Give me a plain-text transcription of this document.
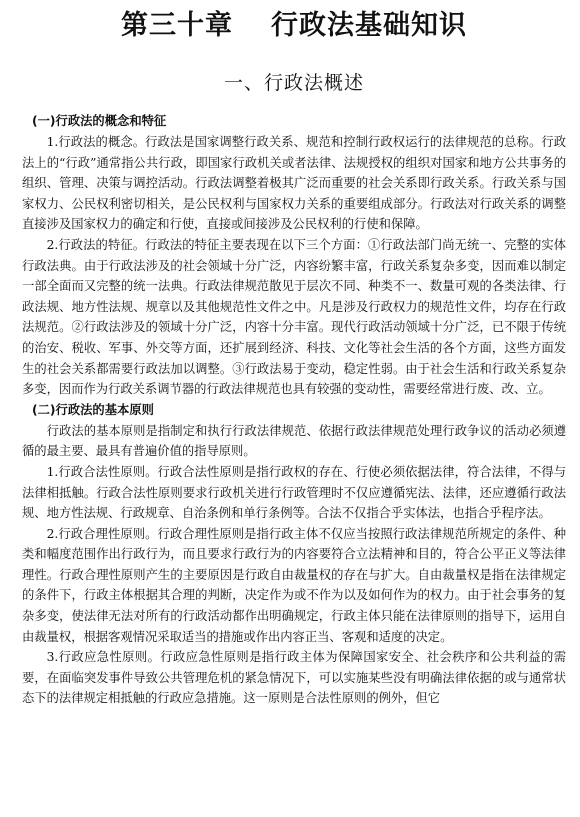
第三十章 行政法基础知识
一、行政法概述
(一)行政法的概念和特征

1.行政法的概念。行政法是国家调整行政关系、规范和控制行政权运行的法律规范的总称。行政法上的“行政”通常指公共行政，即国家行政机关或者法律、法规授权的组织对国家和地方公共事务的组织、管理、决策与调控活动。行政法调整着极其广泛而重要的社会关系即行政关系。行政关系与国家权力、公民权利密切相关，是公民权利与国家权力关系的重要组成部分。行政法对行政关系的调整直接涉及国家权力的确定和行使，直接或间接涉及公民权利的行使和保障。

2.行政法的特征。行政法的特征主要表现在以下三个方面：①行政法部门尚无统一、完整的实体行政法典。由于行政法涉及的社会领域十分广泛，内容纷繁丰富，行政关系复杂多变，因而难以制定一部全面而又完整的统一法典。行政法律规范散见于层次不同、种类不一、数量可观的各类法律、行政法规、地方性法规、规章以及其他规范性文件之中。凡是涉及行政权力的规范性文件，均存在行政法规范。②行政法涉及的领域十分广泛，内容十分丰富。现代行政活动领域十分广泛，已不限于传统的治安、税收、军事、外交等方面，还扩展到经济、科技、文化等社会生活的各个方面，这些方面发生的社会关系都需要行政法加以调整。③行政法易于变动，稳定性弱。由于社会生活和行政关系复杂多变，因而作为行政关系调节器的行政法律规范也具有较强的变动性，需要经常进行废、改、立。

(二)行政法的基本原则

行政法的基本原则是指制定和执行行政法律规范、依据行政法律规范处理行政争议的活动必须遵循的最主要、最具有普遍价值的指导原则。

1.行政合法性原则。行政合法性原则是指行政权的存在、行使必须依据法律，符合法律，不得与法律相抵触。行政合法性原则要求行政机关进行行政管理时不仅应遵循宪法、法律，还应遵循行政法规、地方性法规、行政规章、自治条例和单行条例等。合法不仅指合乎实体法，也指合乎程序法。

2.行政合理性原则。行政合理性原则是指行政主体不仅应当按照行政法律规范所规定的条件、种类和幅度范围作出行政行为，而且要求行政行为的内容要符合立法精神和目的，符合公平正义等法律理性。行政合理性原则产生的主要原因是行政自由裁量权的存在与扩大。自由裁量权是指在法律规定的条件下，行政主体根据其合理的判断，决定作为或不作为以及如何作为的权力。由于社会事务的复杂多变，使法律无法对所有的行政活动都作出明确规定，行政主体只能在法律原则的指导下，运用自由裁量权，根据客观情况采取适当的措施或作出内容正当、客观和适度的决定。

3.行政应急性原则。行政应急性原则是指行政主体为保障国家安全、社会秩序和公共利益的需要，在面临突发事件导致公共管理危机的紧急情况下，可以实施某些没有明确法律依据的或与通常状态下的法律规定相抵触的行政应急措施。这一原则是合法性原则的例外，但它
